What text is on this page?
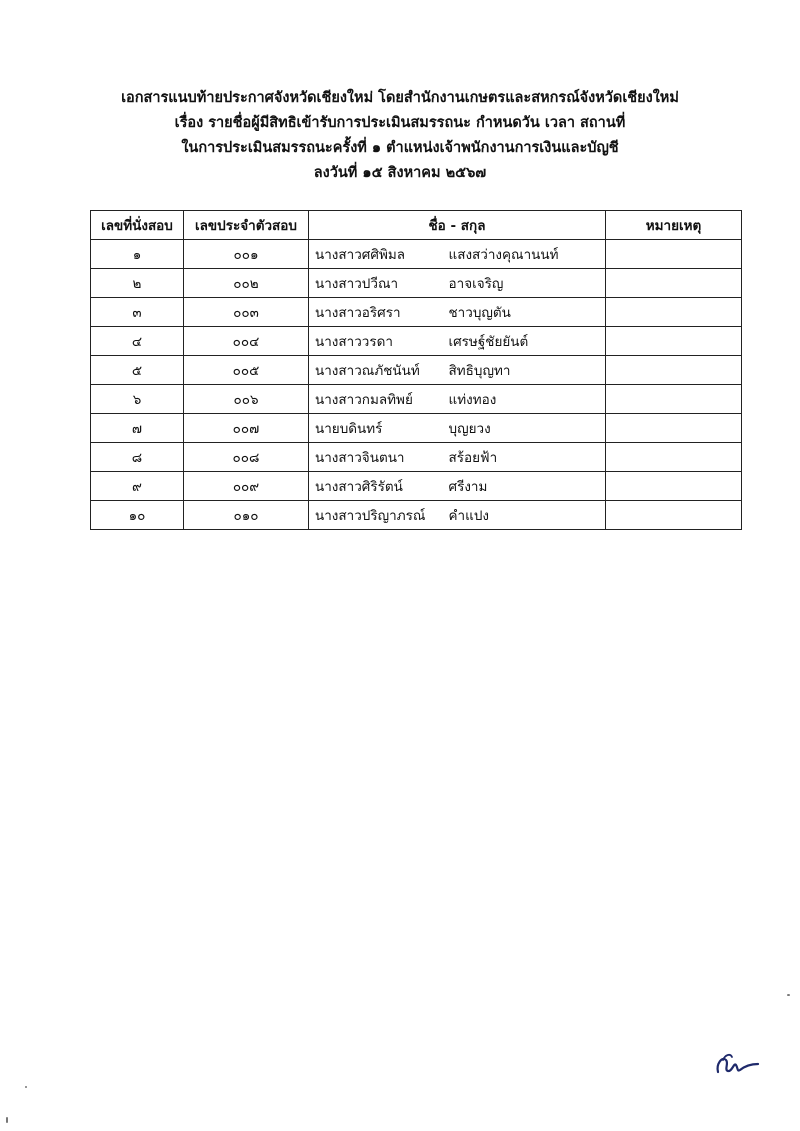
เอกสารแนบท้ายประกาศจังหวัดเชียงใหม่ โดยสำนักงานเกษตรและสหกรณ์จังหวัดเชียงใหม่
เรื่อง รายชื่อผู้มีสิทธิเข้ารับการประเมินสมรรถนะ กำหนดวัน เวลา สถานที่
ในการประเมินสมรรถนะครั้งที่ ๑ ตำแหน่งเจ้าพนักงานการเงินและบัญชี
ลงวันที่ ๑๕ สิงหาคม ๒๕๖๗
เลขที่นั่งสอบ	เลขประจำตัวสอบ	ชื่อ - สกุล		หมายเหตุ
๑	๐๐๑	นางสาวศศิพิมล	แสงสว่างคุณานนท์	
๒	๐๐๒	นางสาวปวีณา	อาจเจริญ	
๓	๐๐๓	นางสาวอริศรา	ชาวบุญตัน	
๔	๐๐๔	นางสาววรดา	เศรษฐ์ชัยยันต์	
๕	๐๐๕	นางสาวณภัชนันท์	สิทธิบุญทา	
๖	๐๐๖	นางสาวกมลทิพย์	แท่งทอง	
๗	๐๐๗	นายบดินทร์	บุญยวง	
๘	๐๐๘	นางสาวจินตนา	สร้อยฟ้า	
๙	๐๐๙	นางสาวศิริรัตน์	ศรีงาม	
๑๐	๐๑๐	นางสาวปริญาภรณ์	คำแปง	
